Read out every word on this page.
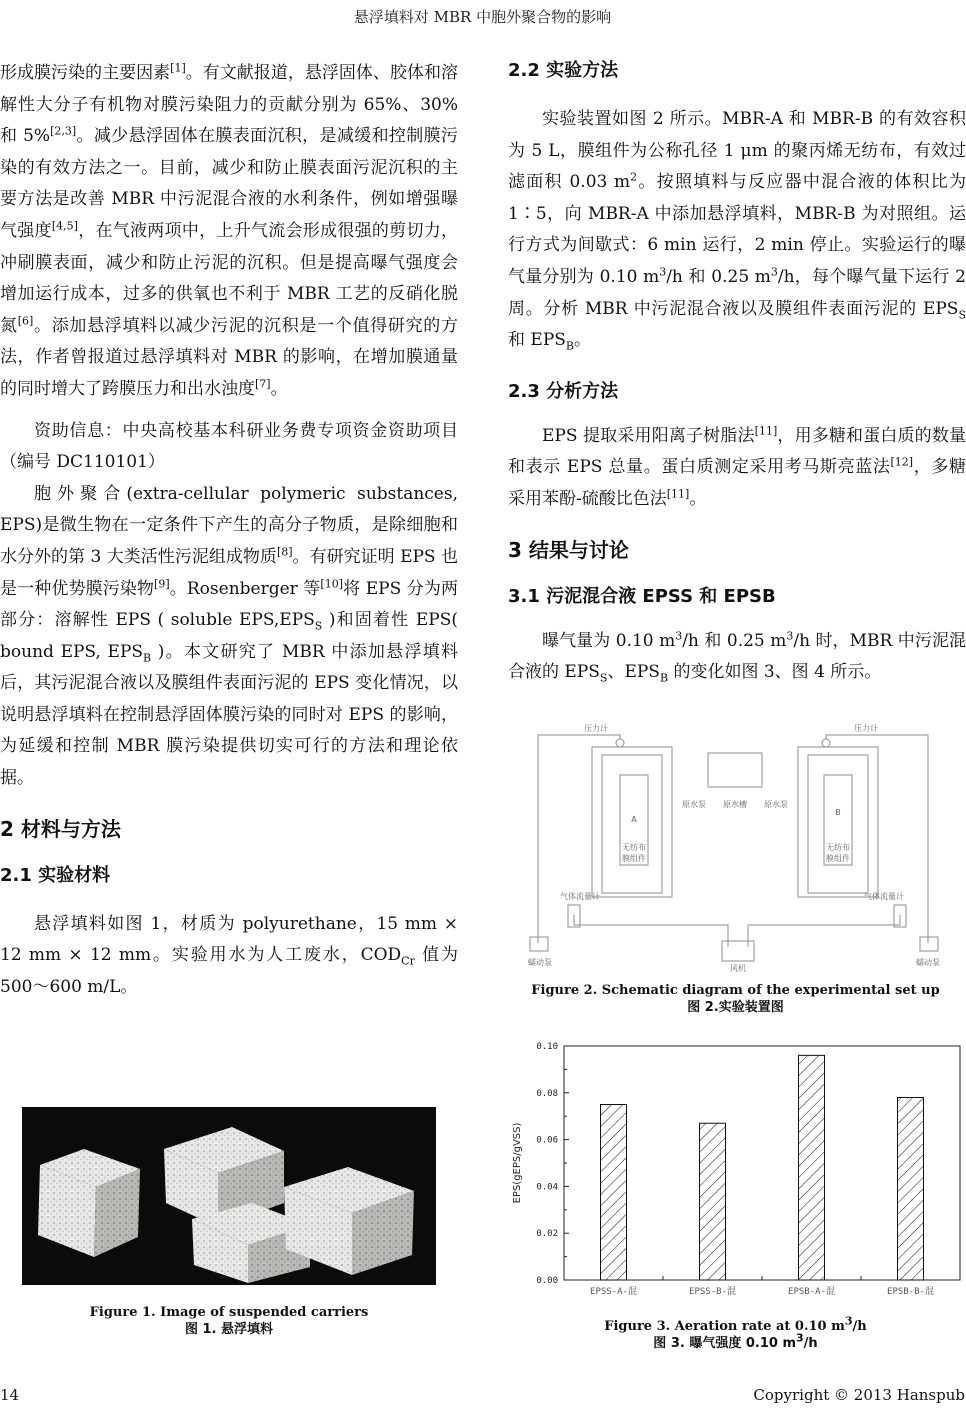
悬浮填料对 MBR 中胞外聚合物的影响

形成膜污染的主要因素[1]。有文献报道，悬浮固体、胶体和溶解性大分子有机物对膜污染阻力的贡献分别为 65%、30% 和 5%[2,3]。减少悬浮固体在膜表面沉积，是减缓和控制膜污染的有效方法之一。目前，减少和防止膜表面污泥沉积的主要方法是改善 MBR 中污泥混合液的水利条件，例如增强曝气强度[4,5]，在气液两项中，上升气流会形成很强的剪切力，冲刷膜表面，减少和防止污泥的沉积。但是提高曝气强度会增加运行成本，过多的供氧也不利于 MBR 工艺的反硝化脱氮[6]。添加悬浮填料以减少污泥的沉积是一个值得研究的方法，作者曾报道过悬浮填料对 MBR 的影响，在增加膜通量的同时增大了跨膜压力和出水浊度[7]。

资助信息：中央高校基本科研业务费专项资金资助项目（编号 DC110101）

胞外聚合(extra-cellular polymeric substances, EPS)是微生物在一定条件下产生的高分子物质，是除细胞和水分外的第 3 大类活性污泥组成物质[8]。有研究证明 EPS 也是一种优势膜污染物[9]。Rosenberger 等[10]将 EPS 分为两部分：溶解性 EPS ( soluble $EPS,EPS_S$ )和固着性 EPS( bound EPS, $EPS_B$ )。本文研究了 MBR 中添加悬浮填料后，其污泥混合液以及膜组件表面污泥的 EPS 变化情况，以说明悬浮填料在控制悬浮固体膜污染的同时对 EPS 的影响，为延缓和控制 MBR 膜污染提供切实可行的方法和理论依据。

2 材料与方法
2.1 实验材料

悬浮填料如图 1，材质为 polyurethane，15 mm × 12 mm × 12 mm。实验用水为人工废水，$COD_{Cr}$ 值为 500～600 m/L。

Figure 1. Image of suspended carriers
图 1. 悬浮填料
2.2 实验方法

实验装置如图 2 所示。MBR-A 和 MBR-B 的有效容积为 5 L，膜组件为公称孔径 1 μm 的聚丙烯无纺布，有效过滤面积 0.03 $m^2$。按照填料与反应器中混合液的体积比为 1∶5，向 MBR-A 中添加悬浮填料，MBR-B 为对照组。运行方式为间歇式：6 min 运行，2 min 停止。实验运行的曝气量分别为 0.10 $m^3/h$ 和 0.25 $m^3/h$，每个曝气量下运行 2 周。分析 MBR 中污泥混合液以及膜组件表面污泥的 $EPS_S$ 和 $EPS_B$。

2.3 分析方法

EPS 提取采用阳离子树脂法[11]，用多糖和蛋白质的数量和表示 EPS 总量。蛋白质测定采用考马斯亮蓝法[12]，多糖采用苯酚-硫酸比色法[11]。

3 结果与讨论
3.1 污泥混合液 EPSS 和 EPSB

曝气量为 0.10 $m^3/h$ 和 0.25 $m^3/h$ 时，MBR 中污泥混合液的 $EPS_S$、$EPS_B$ 的变化如图 3、图 4 所示。

A
无纺布
膜组件
B
无纺布
膜组件
原水槽
原水泵	原水泵
压力计	压力计
气体流量计	气体流量计
蠕动泵	蠕动泵
风机
Figure 2. Schematic diagram of the experimental set up
图 2.实验装置图
0.00
0.02
0.04
0.06
0.08
0.10
EPSS-A-混	EPSS-B-混	EPSB-A-混	EPSB-B-混
EPS(gEPS/gVSS)
Figure 3. Aeration rate at 0.10 $m^3/h$
图 3. 曝气强度 0.10 $m^3/h$
14	Copyright © 2013 Hanspub
